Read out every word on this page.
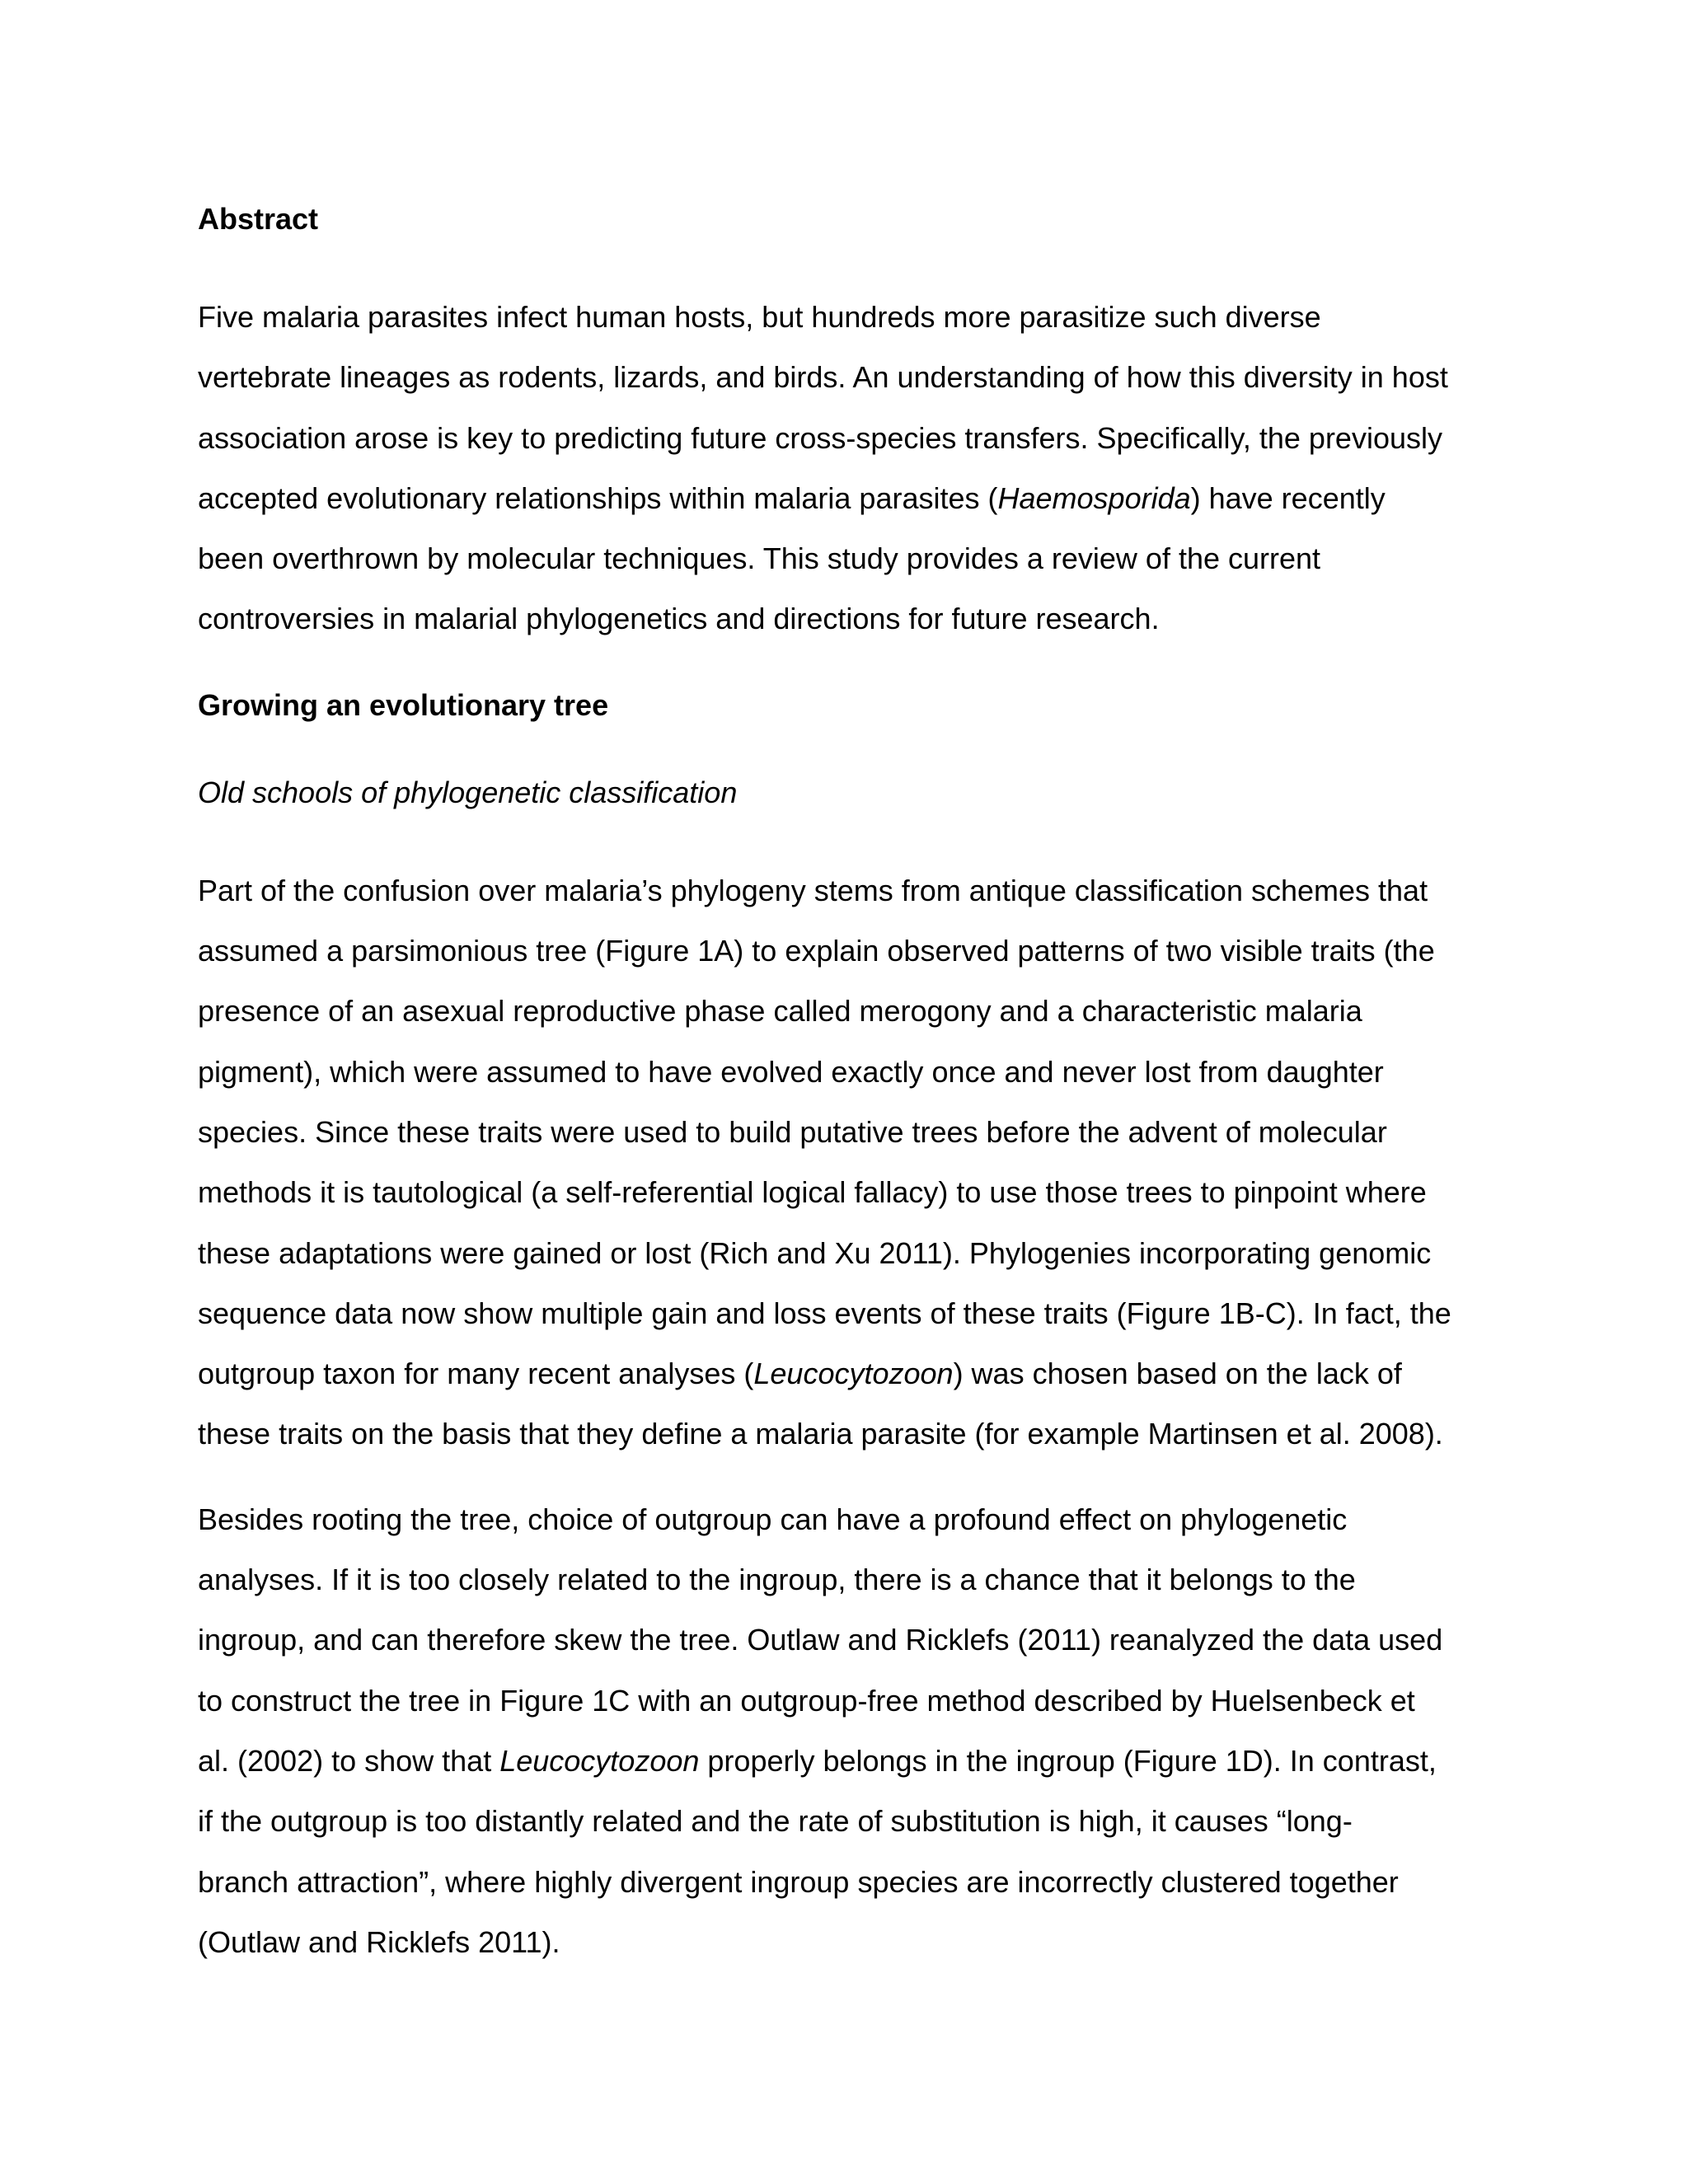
Abstract

Five malaria parasites infect human hosts, but hundreds more parasitize such diverse
vertebrate lineages as rodents, lizards, and birds. An understanding of how this diversity in host
association arose is key to predicting future cross-species transfers. Specifically, the previously
accepted evolutionary relationships within malaria parasites (Haemosporida) have recently
been overthrown by molecular techniques. This study provides a review of the current
controversies in malarial phylogenetics and directions for future research.

Growing an evolutionary tree
Old schools of phylogenetic classification

Part of the confusion over malaria’s phylogeny stems from antique classification schemes that
assumed a parsimonious tree (Figure 1A) to explain observed patterns of two visible traits (the
presence of an asexual reproductive phase called merogony and a characteristic malaria
pigment), which were assumed to have evolved exactly once and never lost from daughter
species. Since these traits were used to build putative trees before the advent of molecular
methods it is tautological (a self-referential logical fallacy) to use those trees to pinpoint where
these adaptations were gained or lost (Rich and Xu 2011). Phylogenies incorporating genomic
sequence data now show multiple gain and loss events of these traits (Figure 1B-C). In fact, the
outgroup taxon for many recent analyses (Leucocytozoon) was chosen based on the lack of
these traits on the basis that they define a malaria parasite (for example Martinsen et al. 2008).

Besides rooting the tree, choice of outgroup can have a profound effect on phylogenetic
analyses. If it is too closely related to the ingroup, there is a chance that it belongs to the
ingroup, and can therefore skew the tree. Outlaw and Ricklefs (2011) reanalyzed the data used
to construct the tree in Figure 1C with an outgroup-free method described by Huelsenbeck et
al. (2002) to show that Leucocytozoon properly belongs in the ingroup (Figure 1D). In contrast,
if the outgroup is too distantly related and the rate of substitution is high, it causes “long-
branch attraction”, where highly divergent ingroup species are incorrectly clustered together
(Outlaw and Ricklefs 2011).
